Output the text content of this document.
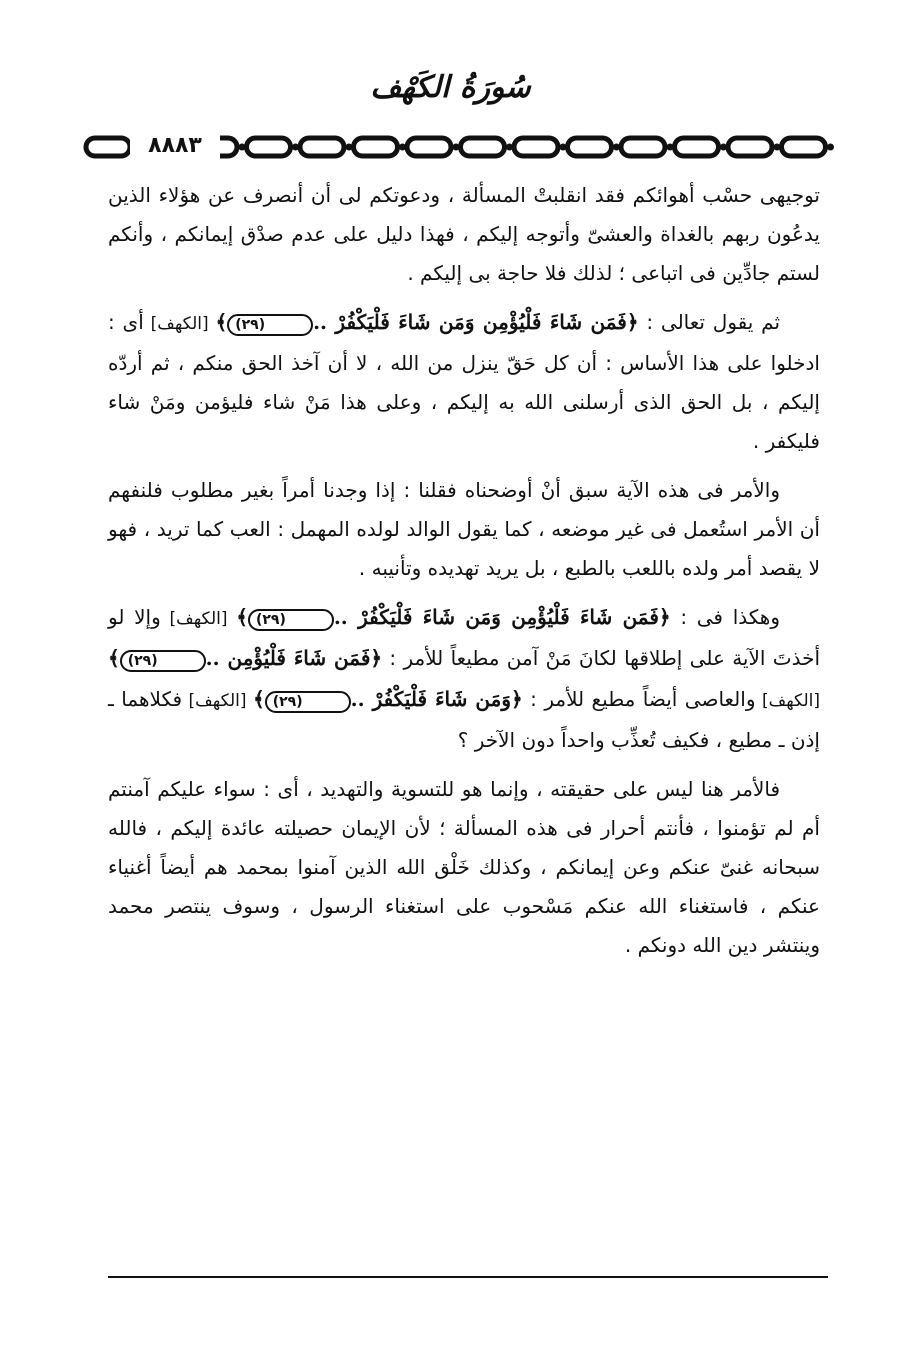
سُورَةُ الكَهْف
٨٨٨٣

توجيهى حسْب أهوائكم فقد انقلبتْ المسألة ، ودعوتكم لى أن أنصرف عن هؤلاء الذين يدعُون ربهم بالغداة والعشىّ وأتوجه إليكم ، فهذا دليل على عدم صدْق إيمانكم ، وأنكم لستم جادِّين فى اتباعى ؛ لذلك فلا حاجة بى إليكم .

ثم يقول تعالى : ﴿فَمَن شَاءَ فَلْيُؤْمِن وَمَن شَاءَ فَلْيَكْفُرْ ..(٢٩)﴾ [الكهف] أى : ادخلوا على هذا الأساس : أن كل حَقّ ينزل من الله ، لا أن آخذ الحق منكم ، ثم أردّه إليكم ، بل الحق الذى أرسلنى الله به إليكم ، وعلى هذا مَنْ شاء فليؤمن ومَنْ شاء فليكفر .

والأمر فى هذه الآية سبق أنْ أوضحناه فقلنا : إذا وجدنا أمراً بغير مطلوب فلنفهم أن الأمر استُعمل فى غير موضعه ، كما يقول الوالد لولده المهمل : العب كما تريد ، فهو لا يقصد أمر ولده باللعب بالطبع ، بل يريد تهديده وتأنيبه .

وهكذا فى : ﴿فَمَن شَاءَ فَلْيُؤْمِن وَمَن شَاءَ فَلْيَكْفُرْ ..(٢٩)﴾ [الكهف] وإلا لو أخذتَ الآية على إطلاقها لكانَ مَنْ آمن مطيعاً للأمر : ﴿فَمَن شَاءَ فَلْيُؤْمِن ..(٢٩)﴾ [الكهف] والعاصى أيضاً مطيع للأمر : ﴿وَمَن شَاءَ فَلْيَكْفُرْ ..(٢٩)﴾ [الكهف] فكلاهما ـ إذن ـ مطيع ، فكيف تُعذِّب واحداً دون الآخر ؟

فالأمر هنا ليس على حقيقته ، وإنما هو للتسوية والتهديد ، أى : سواء عليكم آمنتم أم لم تؤمنوا ، فأنتم أحرار فى هذه المسألة ؛ لأن الإيمان حصيلته عائدة إليكم ، فالله سبحانه غنىّ عنكم وعن إيمانكم ، وكذلك خَلْق الله الذين آمنوا بمحمد هم أيضاً أغنياء عنكم ، فاستغناء الله عنكم مَسْحوب على استغناء الرسول ، وسوف ينتصر محمد وينتشر دين الله دونكم .
